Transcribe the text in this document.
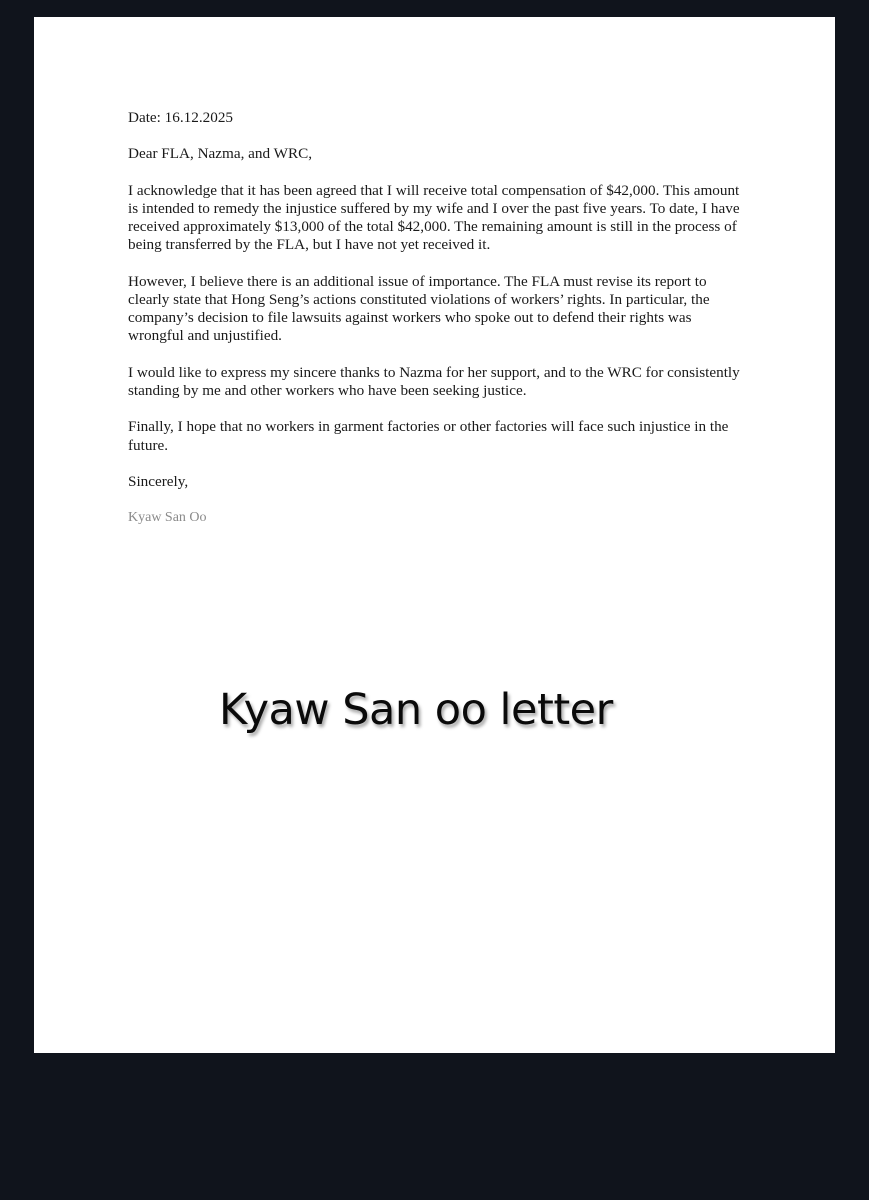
Date: 16.12.2025

Dear FLA, Nazma, and WRC,

I acknowledge that it has been agreed that I will receive total compensation of $42,000. This amount is intended to remedy the injustice suffered by my wife and I over the past five years. To date, I have received approximately $13,000 of the total $42,000. The remaining amount is still in the process of being transferred by the FLA, but I have not yet received it.

However, I believe there is an additional issue of importance. The FLA must revise its report to clearly state that Hong Seng’s actions constituted violations of workers’ rights. In particular, the company’s decision to file lawsuits against workers who spoke out to defend their rights was wrongful and unjustified.

I would like to express my sincere thanks to Nazma for her support, and to the WRC for consistently standing by me and other workers who have been seeking justice.

Finally, I hope that no workers in garment factories or other factories will face such injustice in the future.

Sincerely,

Kyaw San Oo

Kyaw San oo letter
